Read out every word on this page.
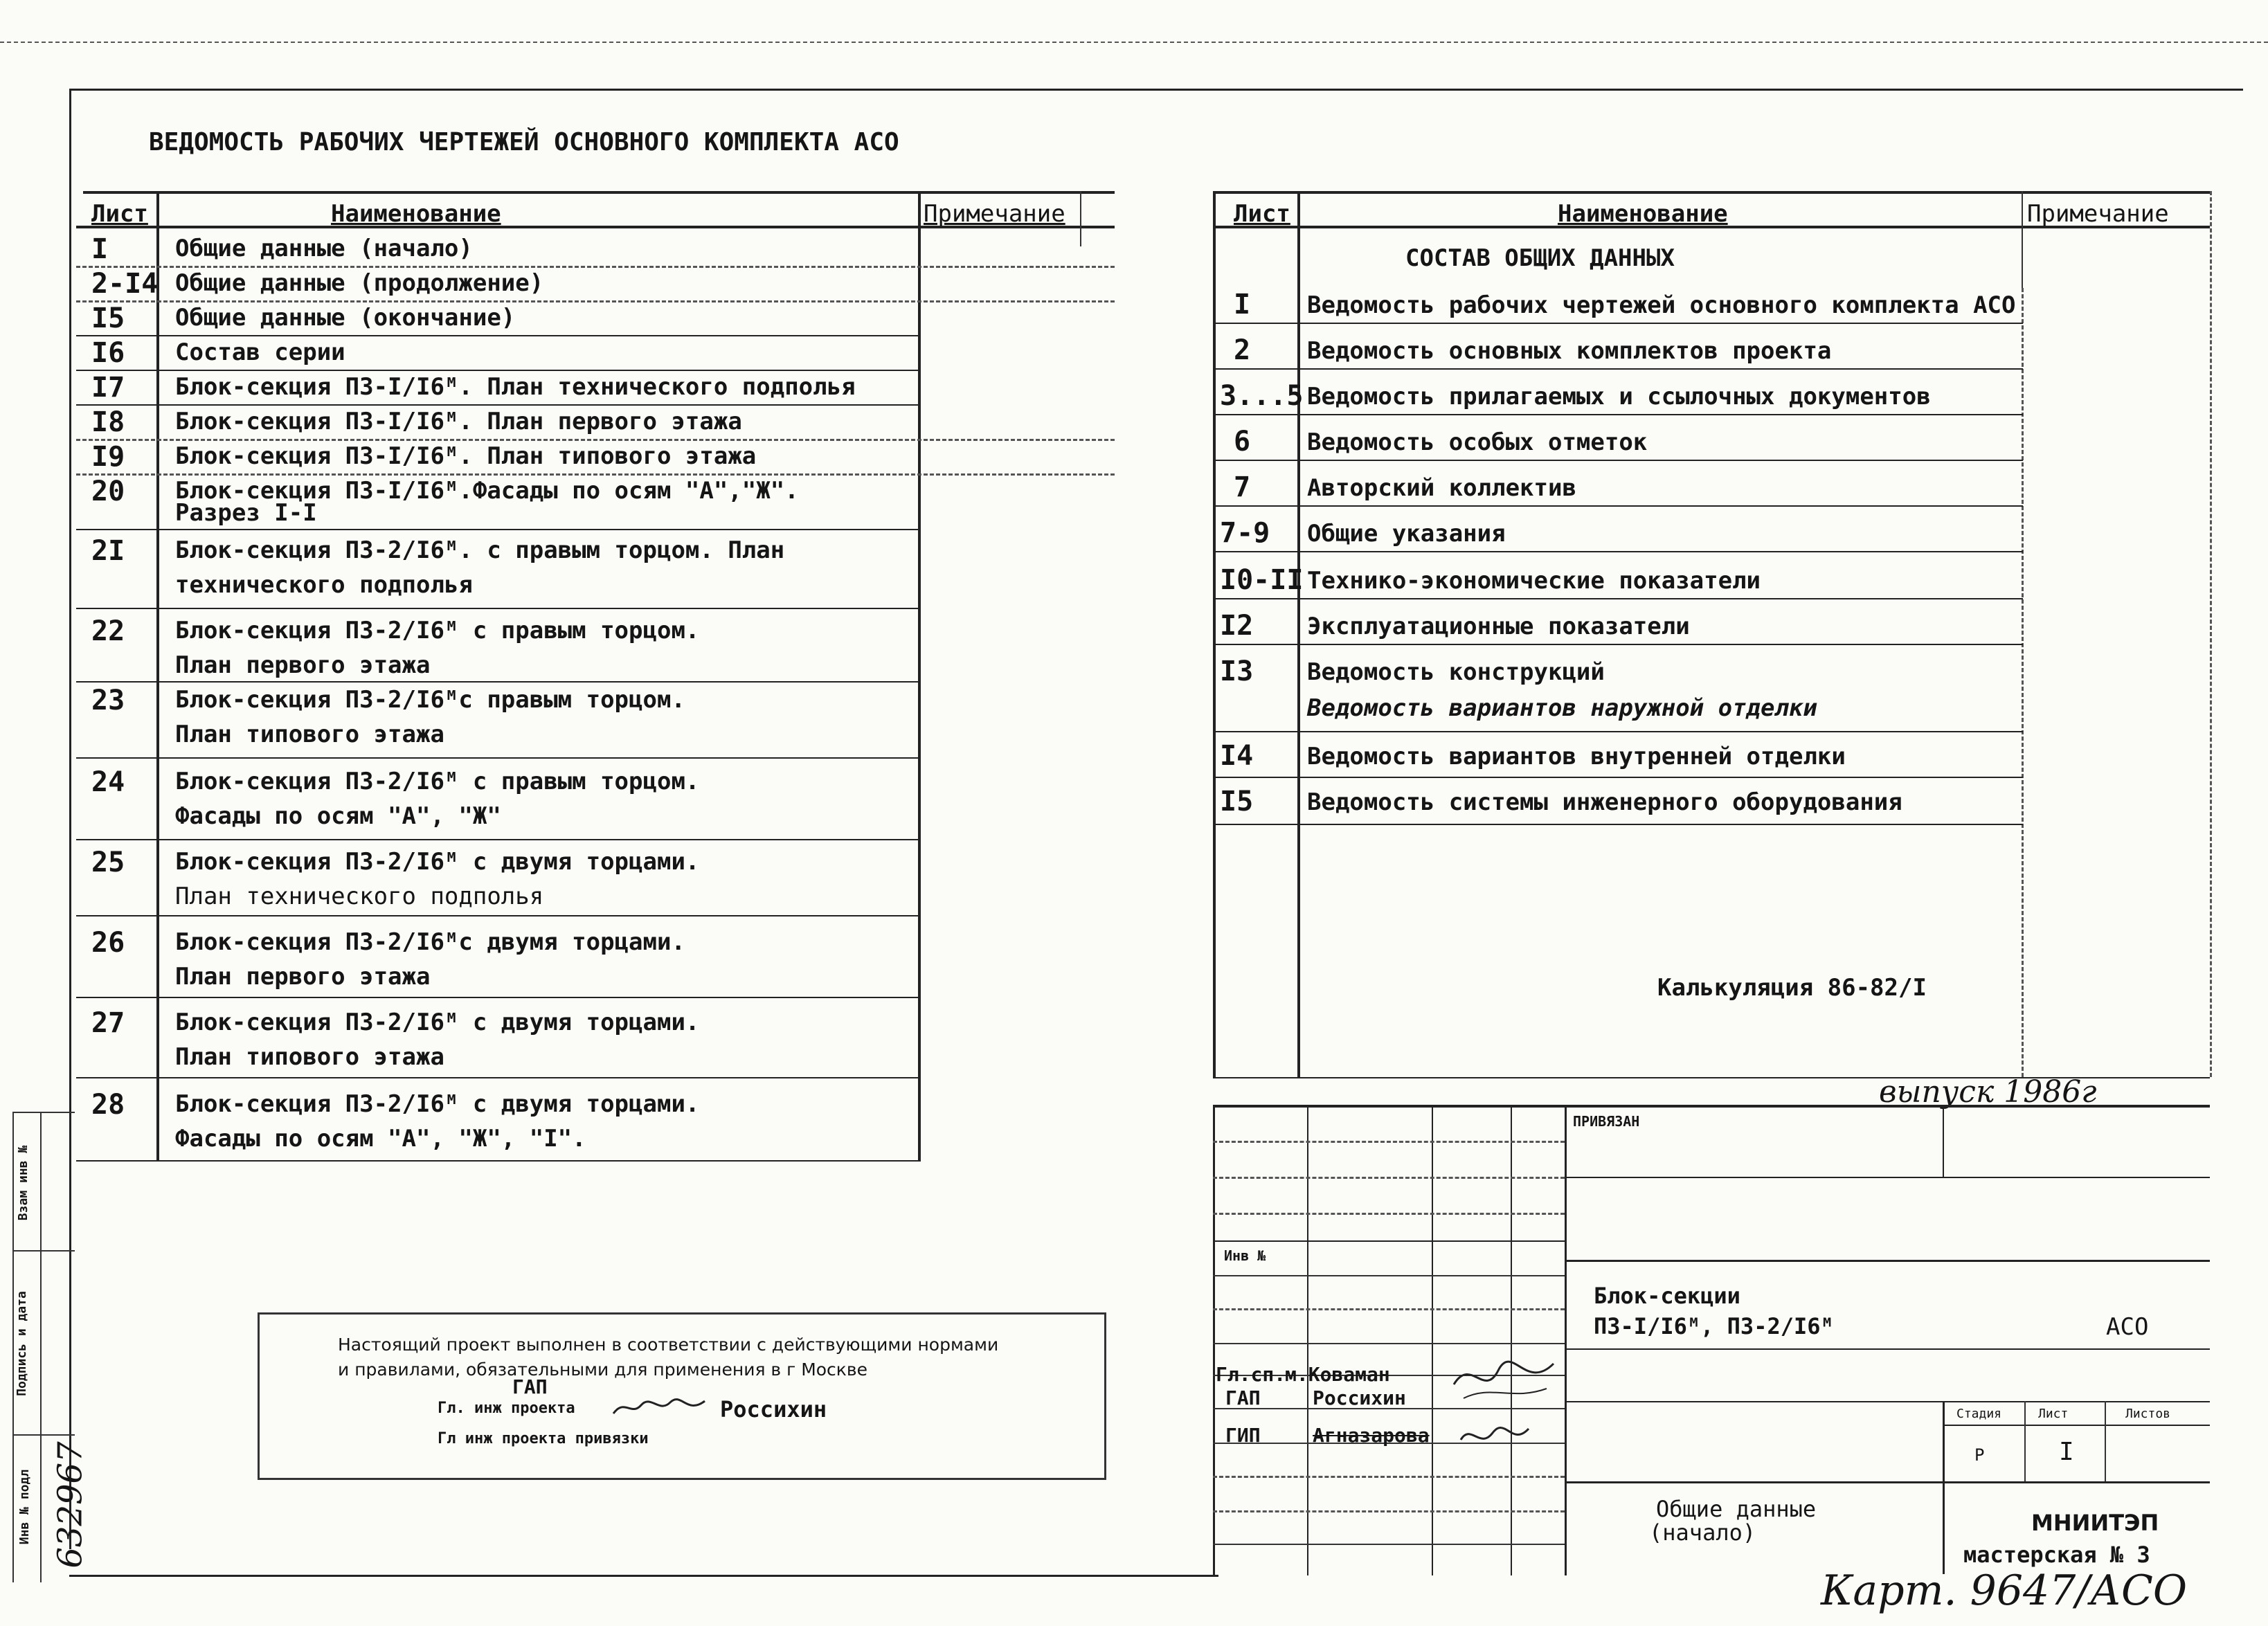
ВЕДОМОСТЬ РАБОЧИХ ЧЕРТЕЖЕЙ ОСНОВНОГО КОМПЛЕКТА АСО
Лист	Наименование	Примечание
I	Общие данные (начало)
2-I4 Общие данные (продолжение)
I5 Общие данные (окончание)
I6 Состав серии
I7 Блок-секция П3-I/I6ᴹ. План технического подполья
I8 Блок-секция П3-I/I6ᴹ. План первого этажа
I9 Блок-секция П3-I/I6ᴹ. План типового этажа
20 Блок-секция П3-I/I6ᴹ.Фасады по осям "А","Ж".
Разрез I-I
2I Блок-секция П3-2/I6ᴹ. с правым торцом. План
технического подполья
22 Блок-секция П3-2/I6ᴹ с правым торцом.
План первого этажа
23 Блок-секция П3-2/I6ᴹс правым торцом.
План типового этажа
24 Блок-секция П3-2/I6ᴹ с правым торцом.
Фасады по осям "А", "Ж"
25 Блок-секция П3-2/I6ᴹ с двумя торцами.
План технического подполья
26 Блок-секция П3-2/I6ᴹс двумя торцами.
План первого этажа
27 Блок-секция П3-2/I6ᴹ с двумя торцами.
План типового этажа
28 Блок-секция П3-2/I6ᴹ с двумя торцами.
Фасады по осям "А", "Ж", "I".
Лист	Наименование	Примечание
СОСТАВ ОБЩИХ ДАННЫХ
I Ведомость рабочих чертежей основного комплекта АСО
2 Ведомость основных комплектов проекта
3...5 Ведомость прилагаемых и ссылочных документов
6 Ведомость особых отметок
7 Авторский коллектив
7-9 Общие указания
I0-II Технико-экономические показатели
I2 Эксплуатационные показатели
I3 Ведомость конструкций
Ведомость вариантов наружной отделки
I4 Ведомость вариантов внутренней отделки
I5 Ведомость системы инженерного оборудования
Калькуляция 86-82/I
выпуск 1986г
Настоящий проект выполнен в соответствии с действующими нормами
и правилами, обязательными для применения в г Москве
ГАП
Гл. инж проекта	Россихин
Гл инж проекта привязки
ПРИВЯЗАН
Инв №
Гл.сп.
м.Коваман
ГАП	Россихин
ГИП	Агназарова
Блок-секции
П3-I/I6ᴹ, П3-2/I6ᴹ	АСО
Стадия	Лист	Листов
Р	I
Общие данные
(начало)	МНИИТЭП
мастерская № 3
Взам инв №
Подпись и дата
Инв № подл 632967
Карт. 9647/АСО
